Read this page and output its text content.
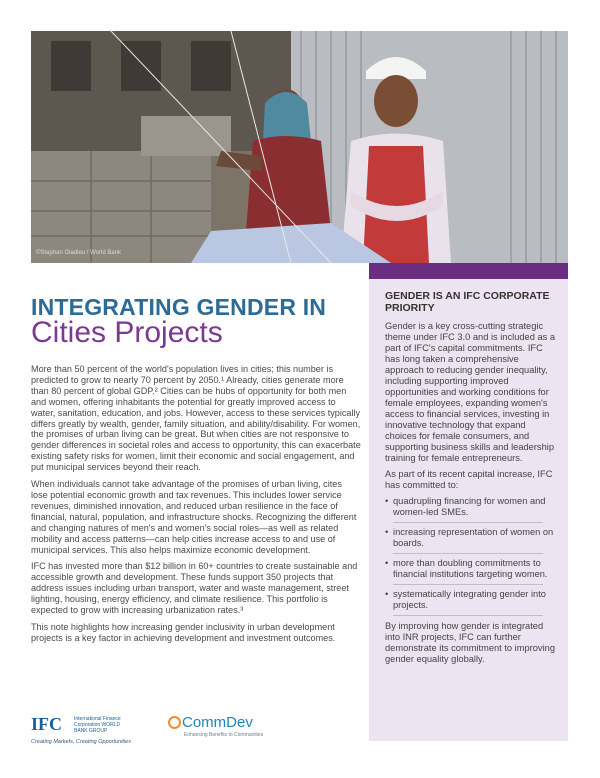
©Stephan Gladieu / World Bank
INTEGRATING GENDER IN
Cities Projects

More than 50 percent of the world's population lives in cities; this number is predicted to grow to nearly 70 percent by 2050.¹ Already, cities generate more than 80 percent of global GDP.² Cities can be hubs of opportunity for both men and women, offering inhabitants the potential for greatly improved access to water, sanitation, education, and jobs. However, access to these services typically differs greatly by wealth, gender, family situation, and ability/disability. For women, the promises of urban living can be great. But when cities are not responsive to gender differences in societal roles and access to opportunity, this can exacerbate existing safety risks for women, limit their economic and social engagement, and put municipal services beyond their reach.

When individuals cannot take advantage of the promises of urban living, cites lose potential economic growth and tax revenues. This includes lower service revenues, diminished innovation, and reduced urban resilience in the face of financial, natural, population, and infrastructure shocks. Recognizing the different and changing natures of men's and women's social roles—as well as related mobility and access patterns—can help cities increase access to and use of municipal services. This also helps maximize economic development.

IFC has invested more than $12 billion in 60+ countries to create sustainable and accessible growth and development. These funds support 350 projects that address issues including urban transport, water and waste management, street lighting, housing, energy efficiency, and climate resilience. This portfolio is expected to grow with increasing urbanization rates.³

This note highlights how increasing gender inclusivity in urban development projects is a key factor in achieving development and investment outcomes.

GENDER IS AN IFC CORPORATE PRIORITY

Gender is a key cross-cutting strategic theme under IFC 3.0 and is included as a part of IFC's capital commitments. IFC has long taken a comprehensive approach to reducing gender inequality, including supporting improved opportunities and working conditions for female employees, expanding women's access to financial services, investing in innovative technology that expand choices for female consumers, and supporting business skills and leadership training for female entrepreneurs.

As part of its recent capital increase, IFC has committed to:

• quadrupling financing for women and women-led SMEs.
• increasing representation of women on boards.
• more than doubling commitments to financial institutions targeting women.
• systematically integrating gender into projects.

By improving how gender is integrated into INR projects, IFC can further demonstrate its commitment to improving gender equality globally.

IFC International Finance Corporation WORLD BANK GROUP
Creating Markets, Creating Opportunities
CommDev
Enhancing Benefits to Communities
